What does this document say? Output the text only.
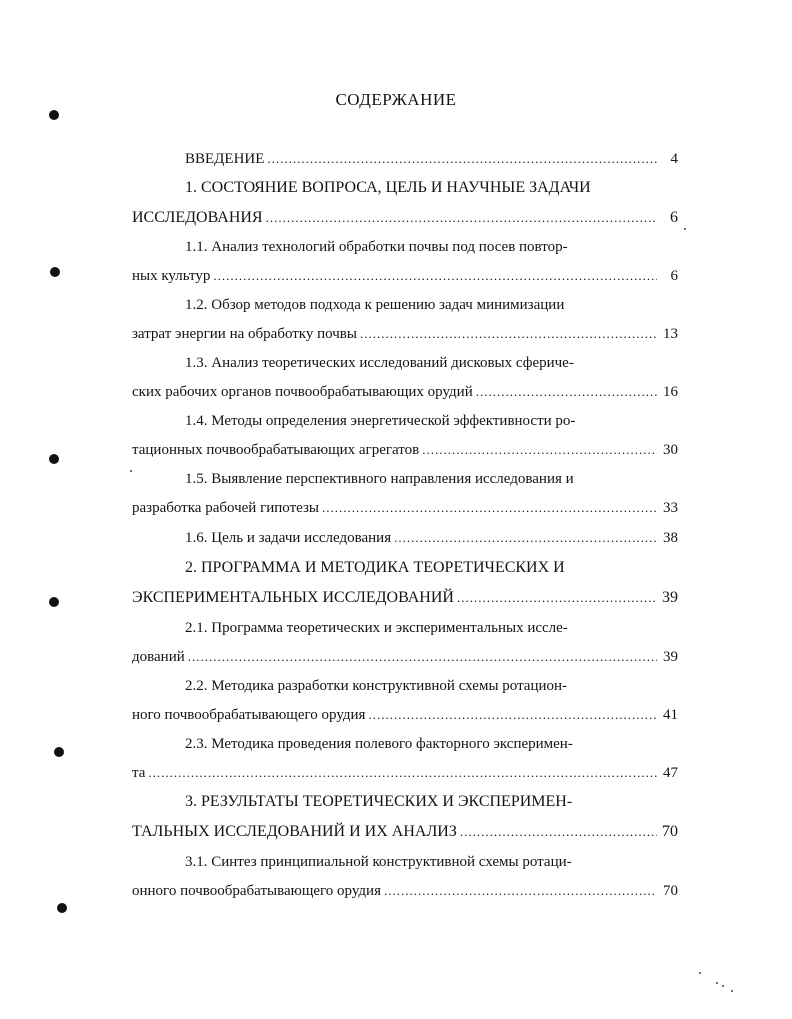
СОДЕРЖАНИЕ
ВВЕДЕНИЕ .....	4
1. СОСТОЯНИЕ ВОПРОСА, ЦЕЛЬ И НАУЧНЫЕ ЗАДАЧИ
ИССЛЕДОВАНИЯ .....	6
1.1. Анализ технологий обработки почвы под посев повтор-
ных культур .....	6
1.2. Обзор методов подхода к решению задач минимизации
затрат энергии на обработку почвы .....	13
1.3. Анализ теоретических исследований дисковых сфериче-
ских рабочих органов почвообрабатывающих орудий .....	16
1.4. Методы определения энергетической эффективности ро-
тационных почвообрабатывающих агрегатов .....	30
1.5. Выявление перспективного направления исследования и
разработка рабочей гипотезы .....	33
1.6. Цель и задачи исследования .....	38
2. ПРОГРАММА И МЕТОДИКА ТЕОРЕТИЧЕСКИХ И
ЭКСПЕРИМЕНТАЛЬНЫХ ИССЛЕДОВАНИЙ .....	39
2.1. Программа теоретических и экспериментальных иссле-
дований .....	39
2.2. Методика разработки конструктивной схемы ротацион-
ного почвообрабатывающего орудия .....	41
2.3. Методика проведения полевого факторного эксперимен-
та .....	47
3. РЕЗУЛЬТАТЫ ТЕОРЕТИЧЕСКИХ И ЭКСПЕРИМЕН-
ТАЛЬНЫХ ИССЛЕДОВАНИЙ И ИХ АНАЛИЗ .....	70
3.1. Синтез принципиальной конструктивной схемы ротаци-
онного почвообрабатывающего орудия .....	70
